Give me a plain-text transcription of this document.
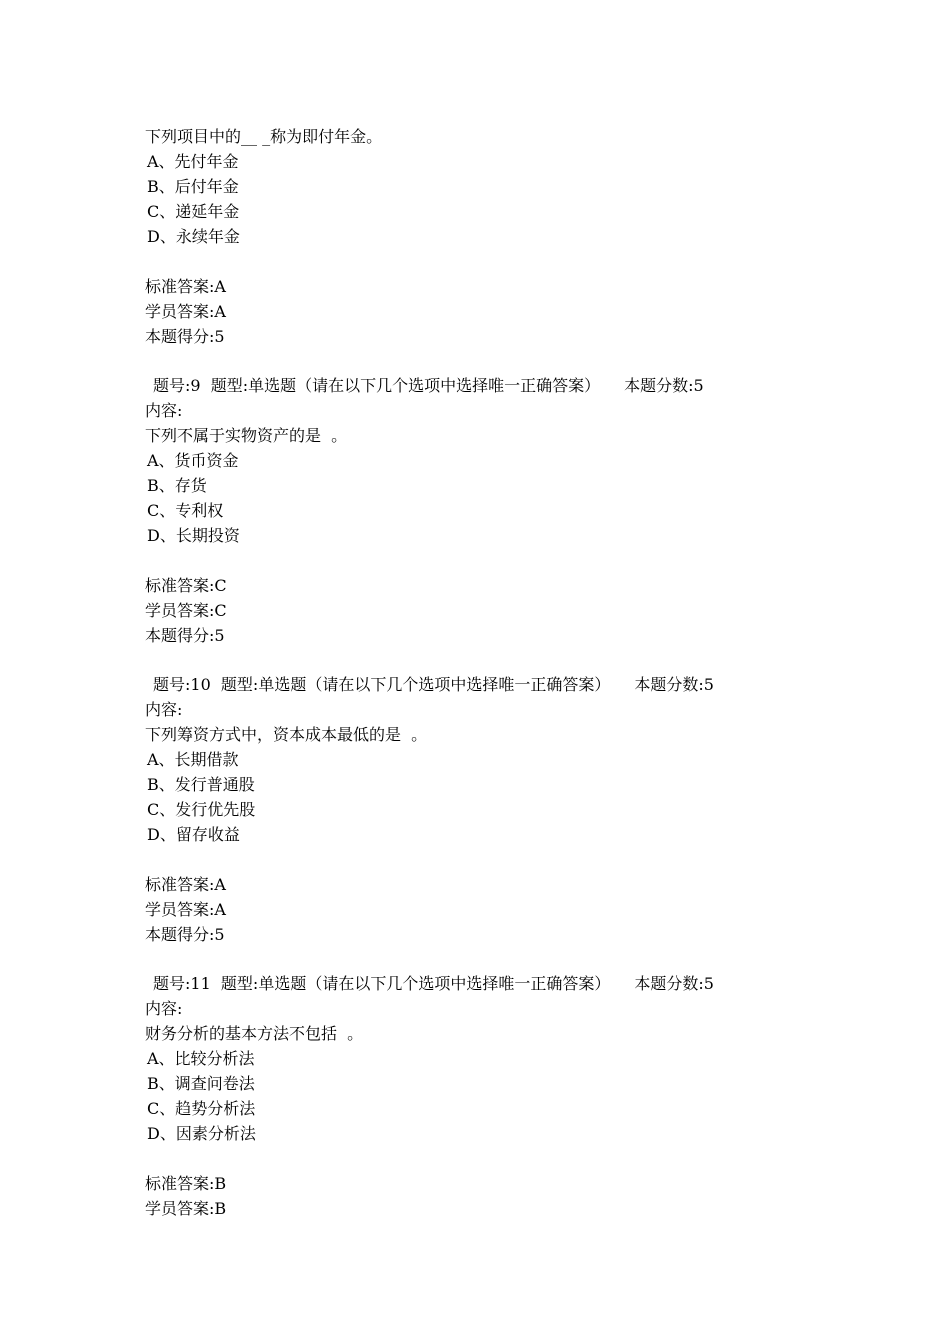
下列项目中的__ _称为即付年金。
A、先付年金
B、后付年金
C、递延年金
D、永续年金
标准答案:A
学员答案:A
本题得分:5
题号:9  题型:单选题（请在以下几个选项中选择唯一正确答案） 本题分数:5
内容:
下列不属于实物资产的是  。
A、货币资金
B、存货
C、专利权
D、长期投资
标准答案:C
学员答案:C
本题得分:5
题号:10  题型:单选题（请在以下几个选项中选择唯一正确答案） 本题分数:5
内容:
下列筹资方式中，资本成本最低的是  。
A、长期借款
B、发行普通股
C、发行优先股
D、留存收益
标准答案:A
学员答案:A
本题得分:5
题号:11  题型:单选题（请在以下几个选项中选择唯一正确答案） 本题分数:5
内容:
财务分析的基本方法不包括  。
A、比较分析法
B、调查问卷法
C、趋势分析法
D、因素分析法
标准答案:B
学员答案:B
